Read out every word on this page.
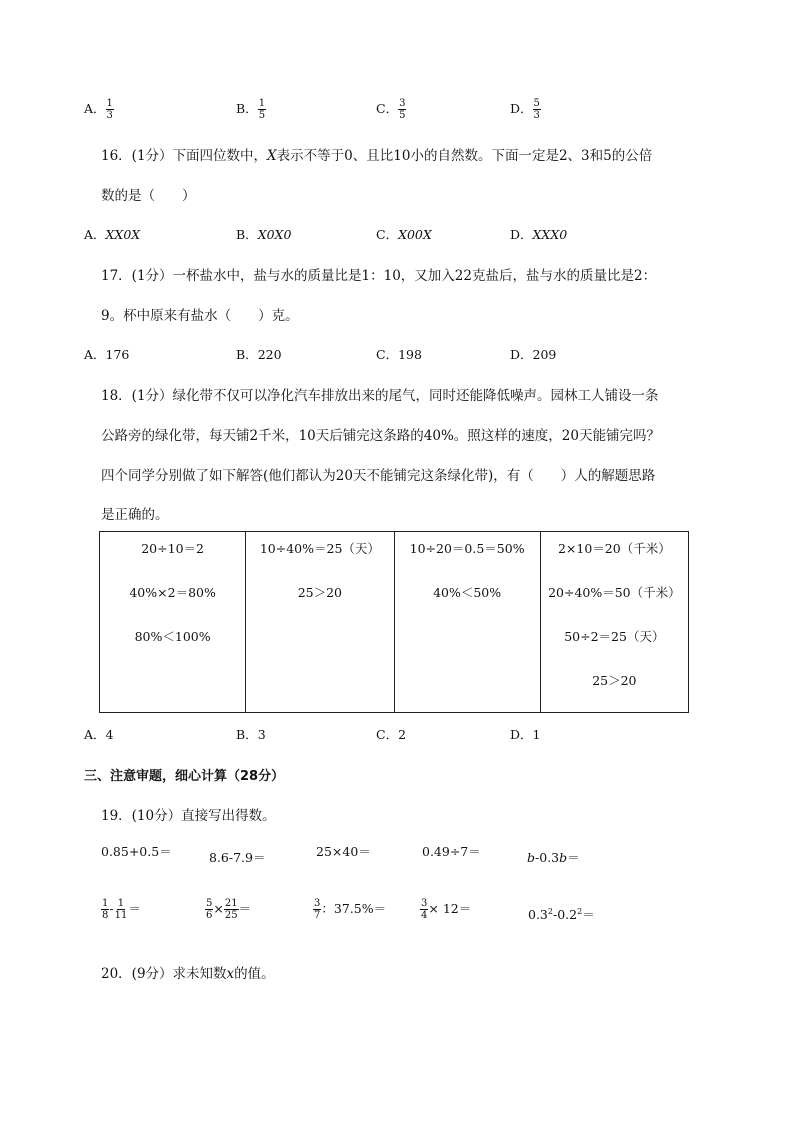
A． $\frac{1}{3}$	B． $\frac{1}{5}$	C． $\frac{3}{5}$	D． $\frac{5}{3}$
16．(1分）下面四位数中，X表示不等于0、且比10小的自然数。下面一定是2、3和5的公倍
数的是（　　）
A．XX0X	B．X0X0	C．X00X	D．XXX0
17．(1分）一杯盐水中，盐与水的质量比是1：10，又加入22克盐后，盐与水的质量比是2：
9。杯中原来有盐水（　　）克。
A．176	B．220	C．198	D．209
18．(1分）绿化带不仅可以净化汽车排放出来的尾气，同时还能降低噪声。园林工人铺设一条
公路旁的绿化带，每天铺2千米，10天后铺完这条路的40%。照这样的速度，20天能铺完吗？
四个同学分别做了如下解答(他们都认为20天不能铺完这条绿化带)，有（　　）人的解题思路
是正确的。
20÷10＝2
40%×2＝80%
80%＜100%

10÷40%＝25（天）
25＞20

10÷20＝0.5＝50%
40%＜50%

2×10＝20（千米）
20÷40%＝50（千米）
50÷2＝25（天）
25＞20
A．4	B．3	C．2	D．1
三、注意审题，细心计算（28分）
19．(10分）直接写出得数。
0.85+0.5＝	8.6-7.9＝	25×40＝	0.49÷7＝	b-0.3b＝
$\frac{1}{8} - \frac{1}{11}$ ＝	$\frac{5}{6} \times \frac{21}{25}$ ＝	$\frac{3}{7}$ ：37.5%＝	$\frac{3}{4} \times 12=$	$0.3^2-0.2^2=$
20．(9分）求未知数x的值。
